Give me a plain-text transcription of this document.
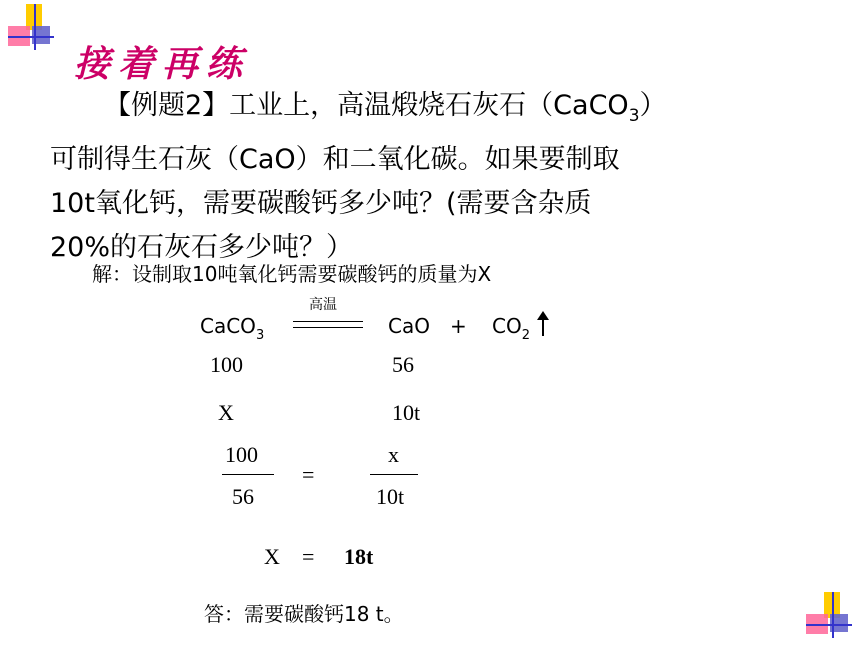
接着再练
【例题2】工业上，高温煅烧石灰石（CaCO$_3$）
可制得生石灰（CaO）和二氧化碳。如果要制取
10t氧化钙，需要碳酸钙多少吨？(需要含杂质
20%的石灰石多少吨？）
解：设制取10吨氧化钙需要碳酸钙的质量为X
CaCO$_3$
高温
CaO + $CO_2$
100	56
X	10t
100
56
=
x
10t
X = 18t
答：需要碳酸钙18 t。
